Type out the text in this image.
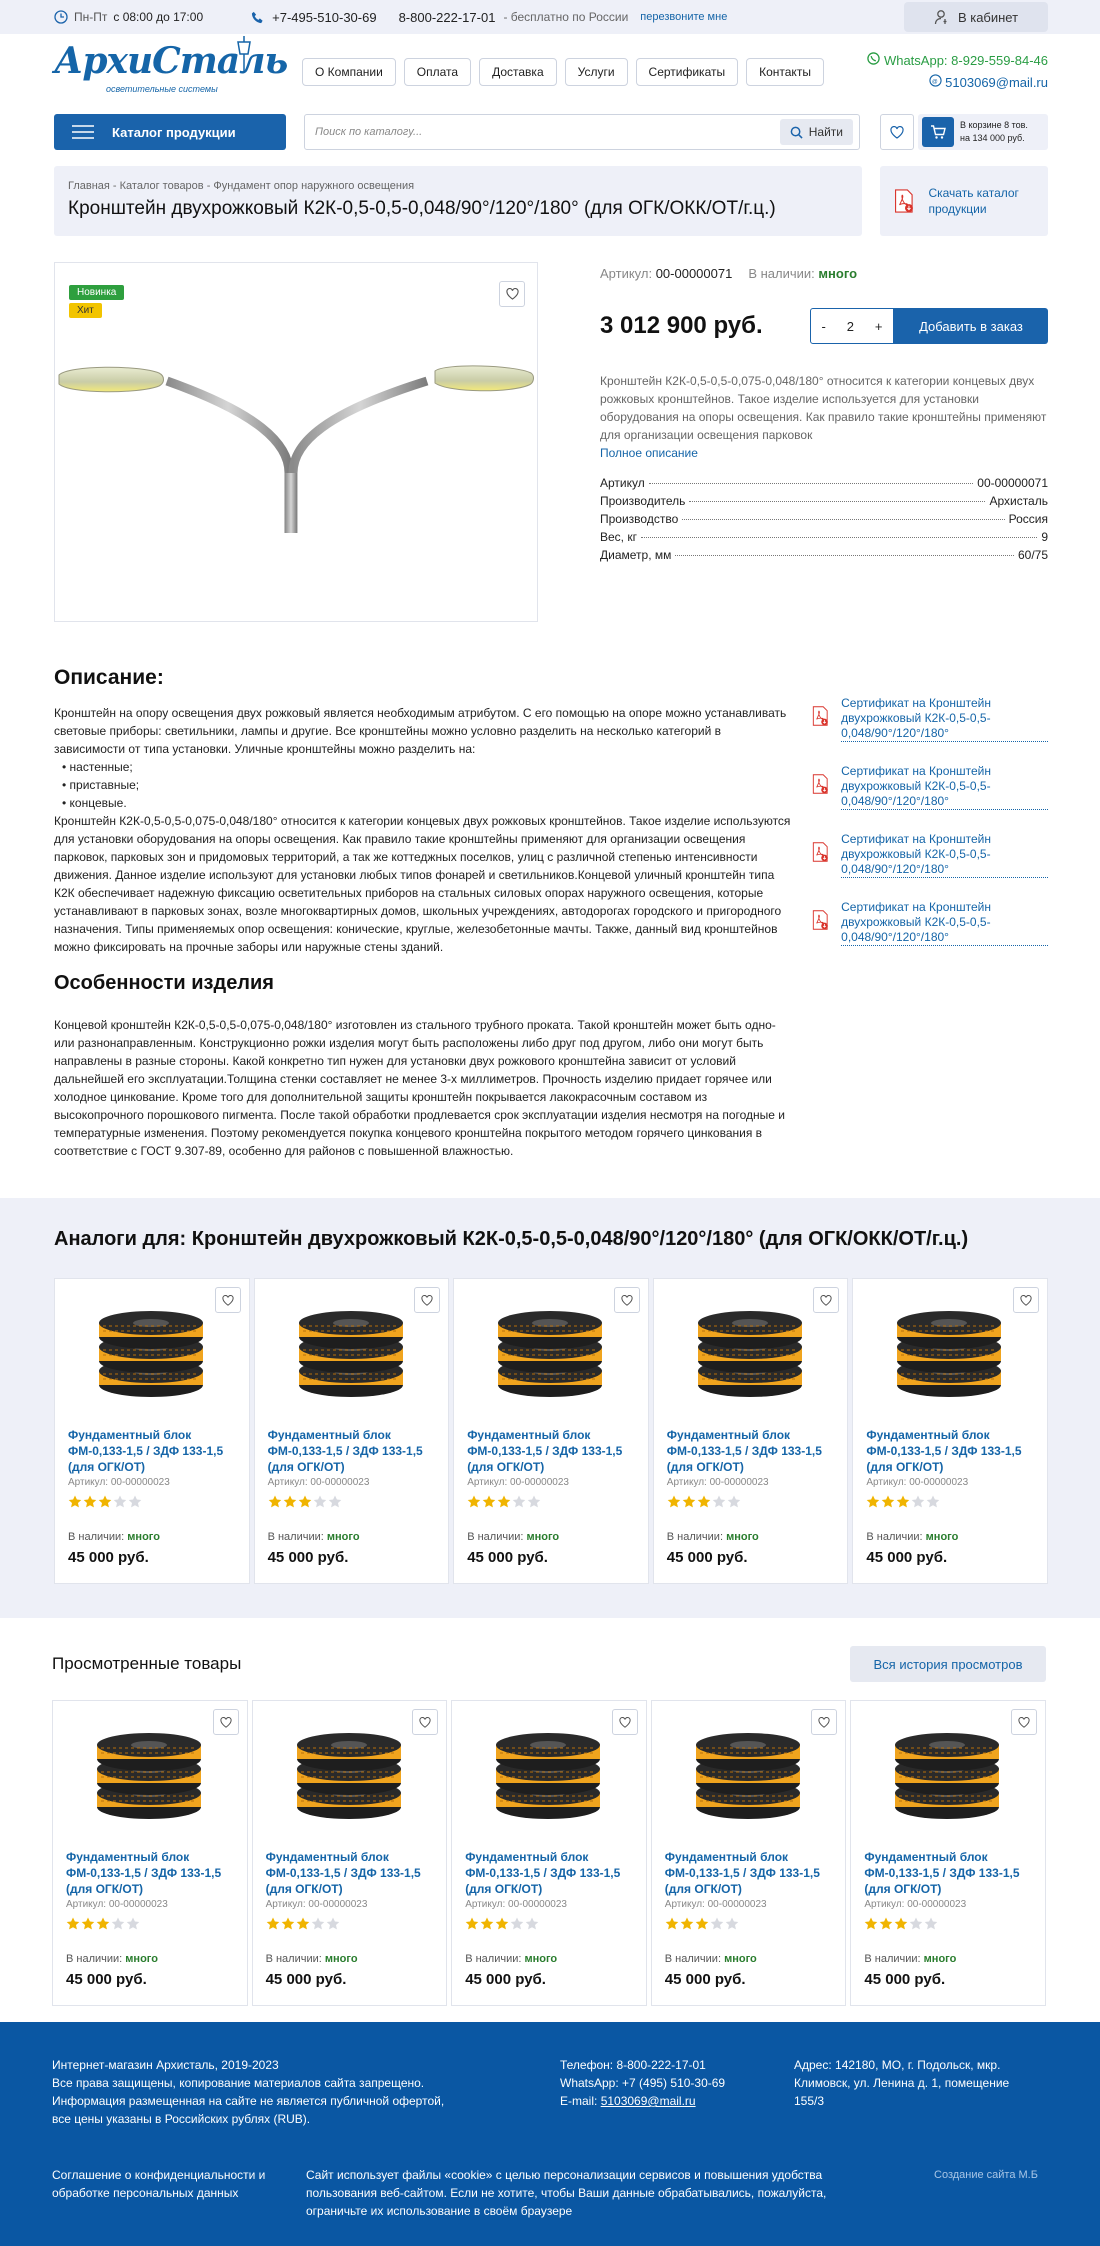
Пн-Пт с 08:00 до 17:00	+7-495-510-30-69 8-800-222-17-01 - бесплатно по России перезвоните мне	В кабинет
АрхиСталь
осветительные системы
О Компании	Оплата	Доставка	Услуги	Сертификаты	Контакты
WhatsApp: 8-929-559-84-46
@ 5103069@mail.ru
Каталог продукции	Поиск по каталогу...	Найти	В корзине 8 тов.
на 134 000 руб.
Главная - Каталог товаров - Фундамент опор наружного освещения
Кронштейн двухрожковый К2К-0,5-0,5-0,048/90°/120°/180° (для ОГК/ОКК/ОТ/г.ц.)
Скачать каталог продукции
Новинка
Хит
Артикул: 00-00000071 В наличии: много
3 012 900 руб.	- 2 +	Добавить в заказ
Кронштейн К2К-0,5-0,5-0,075-0,048/180° относится к категории концевых двух рожковых кронштейнов. Такое изделие используется для установки оборудования на опоры освещения. Как правило такие кронштейны применяют для организации освещения парковок
Полное описание
Артикул	00-00000071
Производитель	Архисталь
Производство	Россия
Вес, кг	9
Диаметр, мм	60/75
Описание:

Кронштейн на опору освещения двух рожковый является необходимым атрибутом. С его помощью на опоре можно устанавливать световые приборы: светильники, лампы и другие. Все кронштейны можно условно разделить на несколько категорий в зависимости от типа установки. Уличные кронштейны можно разделить на:

• настенные;
• приставные;
• концевые.

Кронштейн К2К-0,5-0,5-0,075-0,048/180° относится к категории концевых двух рожковых кронштейнов. Такое изделие используются для установки оборудования на опоры освещения. Как правило такие кронштейны применяют для организации освещения парковок, парковых зон и придомовых территорий, а так же коттеджных поселков, улиц с различной степенью интенсивности движения. Данное изделие используют для установки любых типов фонарей и светильников.Концевой уличный кронштейн типа К2К обеспечивает надежную фиксацию осветительных приборов на стальных силовых опорах наружного освещения, которые устанавливают в парковых зонах, возле многоквартирных домов, школьных учреждениях, автодорогах городского и пригородного назначения. Типы применяемых опор освещения: конические, круглые, железобетонные мачты. Также, данный вид кронштейнов можно фиксировать на прочные заборы или наружные стены зданий.

Особенности изделия

Концевой кронштейн К2К-0,5-0,5-0,075-0,048/180° изготовлен из стального трубного проката. Такой кронштейн может быть одно- или разнонаправленным. Конструкционно рожки изделия могут быть расположены либо друг под другом, либо они могут быть направлены в разные стороны. Какой конкретно тип нужен для установки двух рожкового кронштейна зависит от условий дальнейшей его эксплуатации.Толщина стенки составляет не менее 3-х миллиметров. Прочность изделию придает горячее или холодное цинкование. Кроме того для дополнительной защиты кронштейн покрывается лакокрасочным составом из высокопрочного порошкового пигмента. После такой обработки продлевается срок эксплуатации изделия несмотря на погодные и температурные изменения. Поэтому рекомендуется покупка концевого кронштейна покрытого методом горячего цинкования в соответствие с ГОСТ 9.307-89, особенно для районов с повышенной влажностью.

Сертификат на Кронштейн двухрожковый К2К-0,5-0,5-0,048/90°/120°/180°
Сертификат на Кронштейн двухрожковый К2К-0,5-0,5-0,048/90°/120°/180°
Сертификат на Кронштейн двухрожковый К2К-0,5-0,5-0,048/90°/120°/180°
Сертификат на Кронштейн двухрожковый К2К-0,5-0,5-0,048/90°/120°/180°
Аналоги для: Кронштейн двухрожковый К2К-0,5-0,5-0,048/90°/120°/180° (для ОГК/ОКК/ОТ/г.ц.)
Фундаментный блок ФМ-0,133-1,5 / ЗДФ 133-1,5 (для ОГК/ОТ)
Артикул: 00-00000023
В наличии: много
45 000 руб.
Фундаментный блок ФМ-0,133-1,5 / ЗДФ 133-1,5 (для ОГК/ОТ)
Артикул: 00-00000023
В наличии: много
45 000 руб.
Фундаментный блок ФМ-0,133-1,5 / ЗДФ 133-1,5 (для ОГК/ОТ)
Артикул: 00-00000023
В наличии: много
45 000 руб.
Фундаментный блок ФМ-0,133-1,5 / ЗДФ 133-1,5 (для ОГК/ОТ)
Артикул: 00-00000023
В наличии: много
45 000 руб.
Фундаментный блок ФМ-0,133-1,5 / ЗДФ 133-1,5 (для ОГК/ОТ)
Артикул: 00-00000023
В наличии: много
45 000 руб.
Просмотренные товары	Вся история просмотров
Фундаментный блок ФМ-0,133-1,5 / ЗДФ 133-1,5 (для ОГК/ОТ)
Артикул: 00-00000023
В наличии: много
45 000 руб.
Фундаментный блок ФМ-0,133-1,5 / ЗДФ 133-1,5 (для ОГК/ОТ)
Артикул: 00-00000023
В наличии: много
45 000 руб.
Фундаментный блок ФМ-0,133-1,5 / ЗДФ 133-1,5 (для ОГК/ОТ)
Артикул: 00-00000023
В наличии: много
45 000 руб.
Фундаментный блок ФМ-0,133-1,5 / ЗДФ 133-1,5 (для ОГК/ОТ)
Артикул: 00-00000023
В наличии: много
45 000 руб.
Фундаментный блок ФМ-0,133-1,5 / ЗДФ 133-1,5 (для ОГК/ОТ)
Артикул: 00-00000023
В наличии: много
45 000 руб.
Интернет-магазин Архисталь, 2019-2023
Все права защищены, копирование материалов сайта запрещено.
Информация размещенная на сайте не является публичной офертой,
все цены указаны в Российских рублях (RUB).
Телефон: 8-800-222-17-01
WhatsApp: +7 (495) 510-30-69
E-mail: 5103069@mail.ru
Адрес: 142180, МО, г. Подольск, мкр. Климовск, ул. Ленина д. 1, помещение 155/3
Соглашение о конфиденциальности и обработке персональных данных
Сайт использует файлы «cookie» с целью персонализации сервисов и повышения удобства пользования веб-сайтом. Если не хотите, чтобы Ваши данные обрабатывались, пожалуйста, ограничьте их использование в своём браузере
Создание сайта М.Б
